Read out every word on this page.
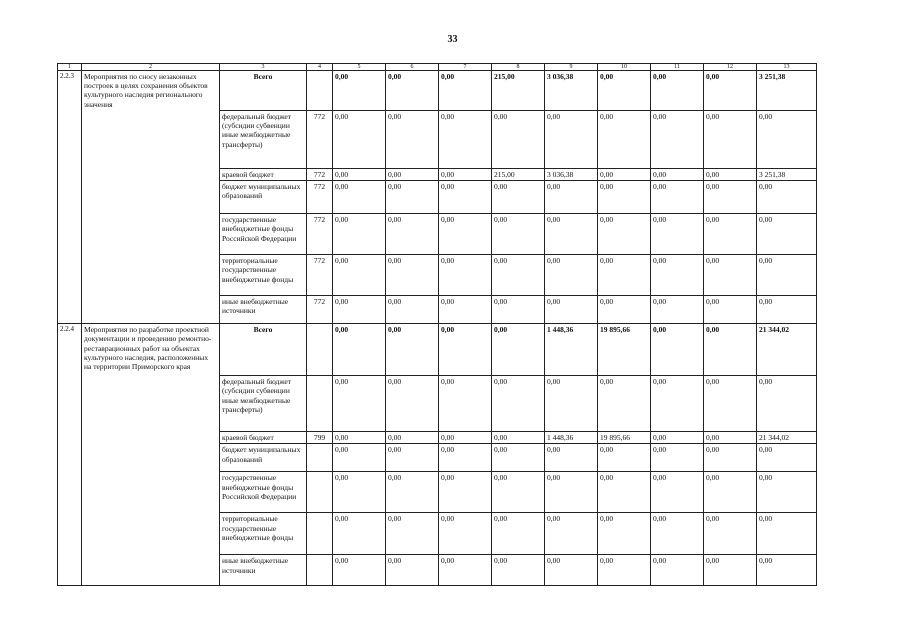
33
1	2	3	4	5	6	7	8	9	10	11	12	13
2.2.3	Мероприятия по сносу незаконных построек в целях сохранения объектов культурного наследия регионального значения	Всего		0,00	0,00	0,00	215,00	3 036,38	0,00	0,00	0,00	3 251,38
		федеральный бюджет (субсидии субвенции иные межбюджетные трансферты)	772	0,00	0,00	0,00	0,00	0,00	0,00	0,00	0,00	0,00
		краевой бюджет	772	0,00	0,00	0,00	215,00	3 036,38	0,00	0,00	0,00	3 251,38
		бюджет муниципальных образований	772	0,00	0,00	0,00	0,00	0,00	0,00	0,00	0,00	0,00
		государственные внебюджетные фонды Российской Федерации	772	0,00	0,00	0,00	0,00	0,00	0,00	0,00	0,00	0,00
		территориальные государственные внебюджетные фонды	772	0,00	0,00	0,00	0,00	0,00	0,00	0,00	0,00	0,00
		иные внебюджетные источники	772	0,00	0,00	0,00	0,00	0,00	0,00	0,00	0,00	0,00
2.2.4	Мероприятия по разработке проектной документации и проведению ремонтно-реставрационных работ на объектах культурного наследия, расположенных на территории Приморского края	Всего		0,00	0,00	0,00	0,00	1 448,36	19 895,66	0,00	0,00	21 344,02
		федеральный бюджет (субсидии субвенции иные межбюджетные трансферты)		0,00	0,00	0,00	0,00	0,00	0,00	0,00	0,00	0,00
		краевой бюджет	799	0,00	0,00	0,00	0,00	1 448,36	19 895,66	0,00	0,00	21 344,02
		бюджет муниципальных образований		0,00	0,00	0,00	0,00	0,00	0,00	0,00	0,00	0,00
		государственные внебюджетные фонды Российской Федерации		0,00	0,00	0,00	0,00	0,00	0,00	0,00	0,00	0,00
		территориальные государственные внебюджетные фонды		0,00	0,00	0,00	0,00	0,00	0,00	0,00	0,00	0,00
		иные внебюджетные источники		0,00	0,00	0,00	0,00	0,00	0,00	0,00	0,00	0,00
